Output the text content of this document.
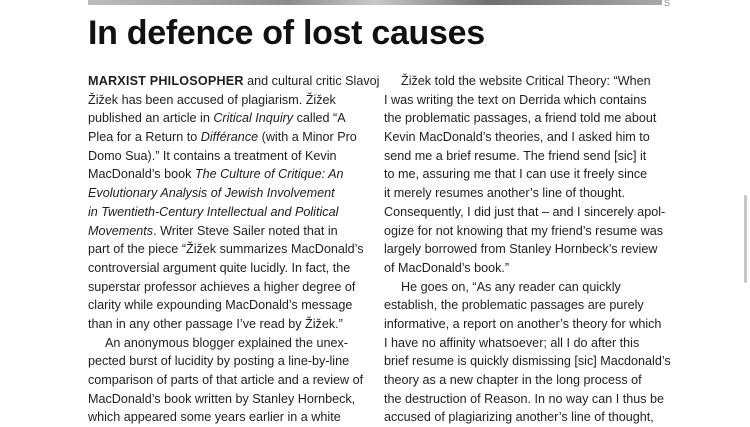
S
In defence of lost causes
MARXIST PHILOSOPHER and cultural critic Slavoj
Žižek has been accused of plagiarism. Žižek
published an article in Critical Inquiry called “A
Plea for a Return to Différance (with a Minor Pro
Domo Sua).” It contains a treatment of Kevin
MacDonald’s book The Culture of Critique: An
Evolutionary Analysis of Jewish Involvement
in Twentieth-Century Intellectual and Political
Movements. Writer Steve Sailer noted that in
part of the piece “Žižek summarizes MacDonald’s
controversial argument quite lucidly. In fact, the
superstar professor achieves a higher degree of
clarity while expounding MacDonald’s message
than in any other passage I’ve read by Žižek.”
An anonymous blogger explained the unex-
pected burst of lucidity by posting a line-by-line
comparison of parts of that article and a review of
MacDonald’s book written by Stanley Hornbeck,
which appeared some years earlier in a white
Žižek told the website Critical Theory: “When
I was writing the text on Derrida which contains
the problematic passages, a friend told me about
Kevin MacDonald’s theories, and I asked him to
send me a brief resume. The friend send [sic] it
to me, assuring me that I can use it freely since
it merely resumes another’s line of thought.
Consequently, I did just that – and I sincerely apol-
ogize for not knowing that my friend’s resume was
largely borrowed from Stanley Hornbeck’s review
of MacDonald’s book.”
He goes on, “As any reader can quickly
establish, the problematic passages are purely
informative, a report on another’s theory for which
I have no affinity whatsoever; all I do after this
brief resume is quickly dismissing [sic] Macdonald’s
theory as a new chapter in the long process of
the destruction of Reason. In no way can I thus be
accused of plagiarizing another’s line of thought,
